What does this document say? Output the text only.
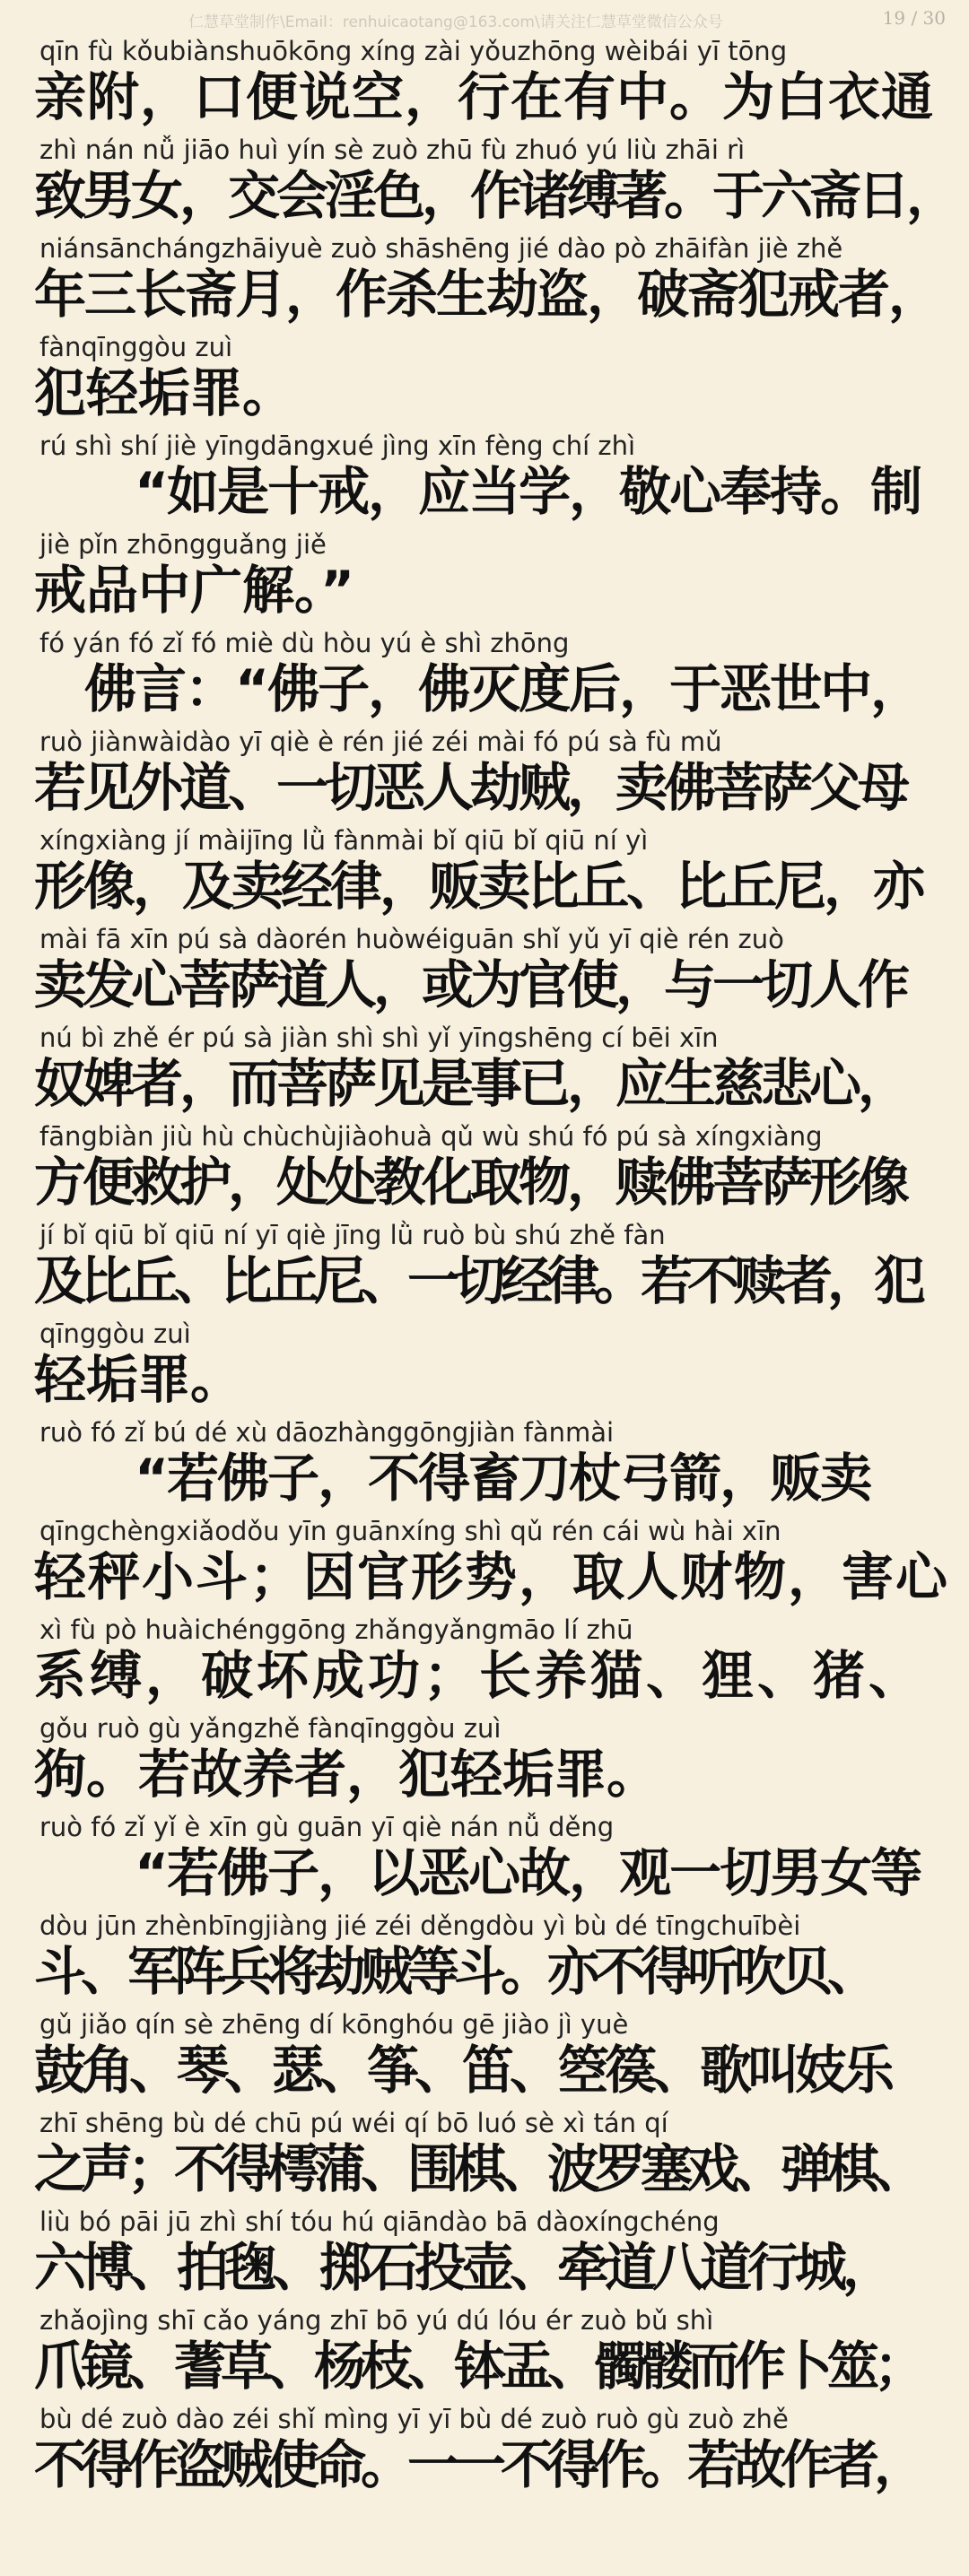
仁慧草堂制作\Email：renhuicaotang@163.com\请关注仁慧草堂微信公众号	19 / 30
qīn fù kǒubiànshuōkōng xíng zài yǒuzhōng wèibái yī tōng
亲附，口便说空，行在有中。为白衣通
zhì nán nǚ jiāo huì yín sè zuò zhū fù zhuó yú liù zhāi rì
致男女，交会淫色，作诸缚著。于六斋日，
niánsānchángzhāiyuè zuò shāshēng jié dào pò zhāifàn jiè zhě
年三长斋月，作杀生劫盗，破斋犯戒者，
fànqīnggòu zuì
犯轻垢罪。
rú shì shí jiè yīngdāngxué jìng xīn fèng chí zhì
　　“如是十戒，应当学，敬心奉持。制
jiè pǐn zhōngguǎng jiě
戒品中广解。”
fó yán fó zǐ fó miè dù hòu yú è shì zhōng
　佛言：“佛子，佛灭度后，于恶世中，
ruò jiànwàidào yī qiè è rén jié zéi mài fó pú sà fù mǔ
若见外道、一切恶人劫贼，卖佛菩萨父母
xíngxiàng jí màijīng lǜ fànmài bǐ qiū bǐ qiū ní yì
形像，及卖经律，贩卖比丘、比丘尼，亦
mài fā xīn pú sà dàorén huòwéiguān shǐ yǔ yī qiè rén zuò
卖发心菩萨道人，或为官使，与一切人作
nú bì zhě ér pú sà jiàn shì shì yǐ yīngshēng cí bēi xīn
奴婢者，而菩萨见是事已，应生慈悲心，
fāngbiàn jiù hù chùchùjiàohuà qǔ wù shú fó pú sà xíngxiàng
方便救护，处处教化取物，赎佛菩萨形像
jí bǐ qiū bǐ qiū ní yī qiè jīng lǜ ruò bù shú zhě fàn
及比丘、比丘尼、一切经律。若不赎者，犯
qīnggòu zuì
轻垢罪。
ruò fó zǐ bú dé xù dāozhànggōngjiàn fànmài
　　“若佛子，不得畜刀杖弓箭，贩卖
qīngchèngxiǎodǒu yīn guānxíng shì qǔ rén cái wù hài xīn
轻秤小斗；因官形势，取人财物，害心
xì fù pò huàichénggōng zhǎngyǎngmāo lí zhū
系缚，破坏成功；长养猫、狸、猪、
gǒu ruò gù yǎngzhě fànqīnggòu zuì
狗。若故养者，犯轻垢罪。
ruò fó zǐ yǐ è xīn gù guān yī qiè nán nǚ děng
　　“若佛子，以恶心故，观一切男女等
dòu jūn zhènbīngjiàng jié zéi děngdòu yì bù dé tīngchuībèi
斗、军阵兵将劫贼等斗。亦不得听吹贝、
gǔ jiǎo qín sè zhēng dí kōnghóu gē jiào jì yuè
鼓角、琴、瑟、筝、笛、箜篌、歌叫妓乐
zhī shēng bù dé chū pú wéi qí bō luó sè xì tán qí
之声；不得樗蒲、围棋、波罗塞戏、弹棋、
liù bó pāi jū zhì shí tóu hú qiāndào bā dàoxíngchéng
六博、拍毱、掷石投壶、牵道八道行城，
zhǎojìng shī cǎo yáng zhī bō yú dú lóu ér zuò bǔ shì
爪镜、蓍草、杨枝、钵盂、髑髅而作卜筮；
bù dé zuò dào zéi shǐ mìng yī yī bù dé zuò ruò gù zuò zhě
不得作盗贼使命。一一不得作。若故作者，
